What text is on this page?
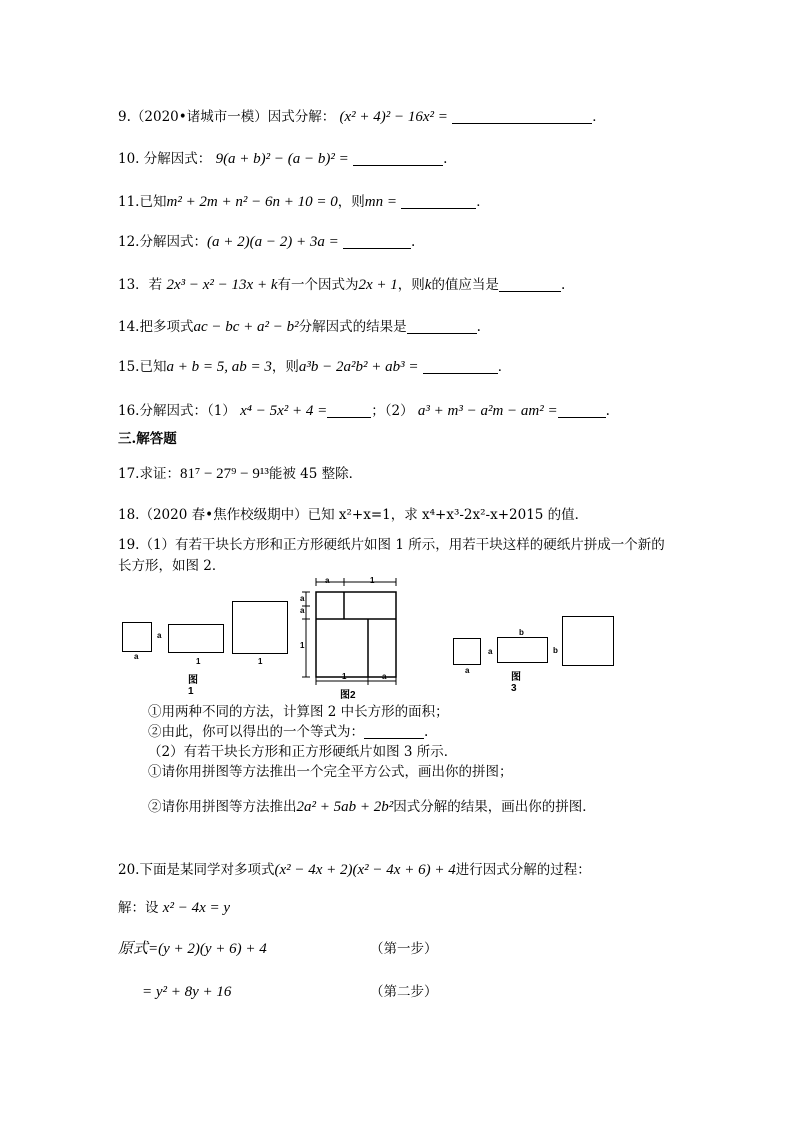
9.（2020•诸城市一模）因式分解： (x² + 4)² − 16x² =	．
10. 分解因式： 9(a + b)² − (a − b)² =	.
11.已知m² + 2m + n² − 6n + 10 = 0，则mn =	．
12.分解因式：(a + 2)(a − 2) + 3a =	.
13．若 2x³ − x² − 13x + k有一个因式为2x + 1，则k的值应当是	.
14.把多项式ac − bc + a² − b²分解因式的结果是	.
15.已知a + b = 5, ab = 3，则a³b − 2a²b² + ab³ =	．
16.分解因式：（1） x⁴ − 5x² + 4 =	；（2） a³ + m³ − a²m − am² =	.
三.解答题
17.求证：81⁷ − 27⁹ − 9¹³能被 45 整除．
18.（2020 春•焦作校级期中）已知 x²+x=1，求 x⁴+x³-2x²-x+2015 的值．
19.（1）有若干块长方形和正方形硬纸片如图 1 所示，用若干块这样的硬纸片拼成一个新的
长方形，如图 2．
a
a
1	1
图1
a	1
a
a
1
1	a
图2
a
a
b
b
图3
①用两种不同的方法，计算图 2 中长方形的面积；
②由此，你可以得出的一个等式为：	.
（2）有若干块长方形和正方形硬纸片如图 3 所示．
①请你用拼图等方法推出一个完全平方公式，画出你的拼图；
②请你用拼图等方法推出2a² + 5ab + 2b²因式分解的结果，画出你的拼图．
20.下面是某同学对多项式(x² − 4x + 2)(x² − 4x + 6) + 4进行因式分解的过程：
解：设 x² − 4x = y
原式=(y + 2)(y + 6) + 4	（第一步）
= y² + 8y + 16	（第二步）
